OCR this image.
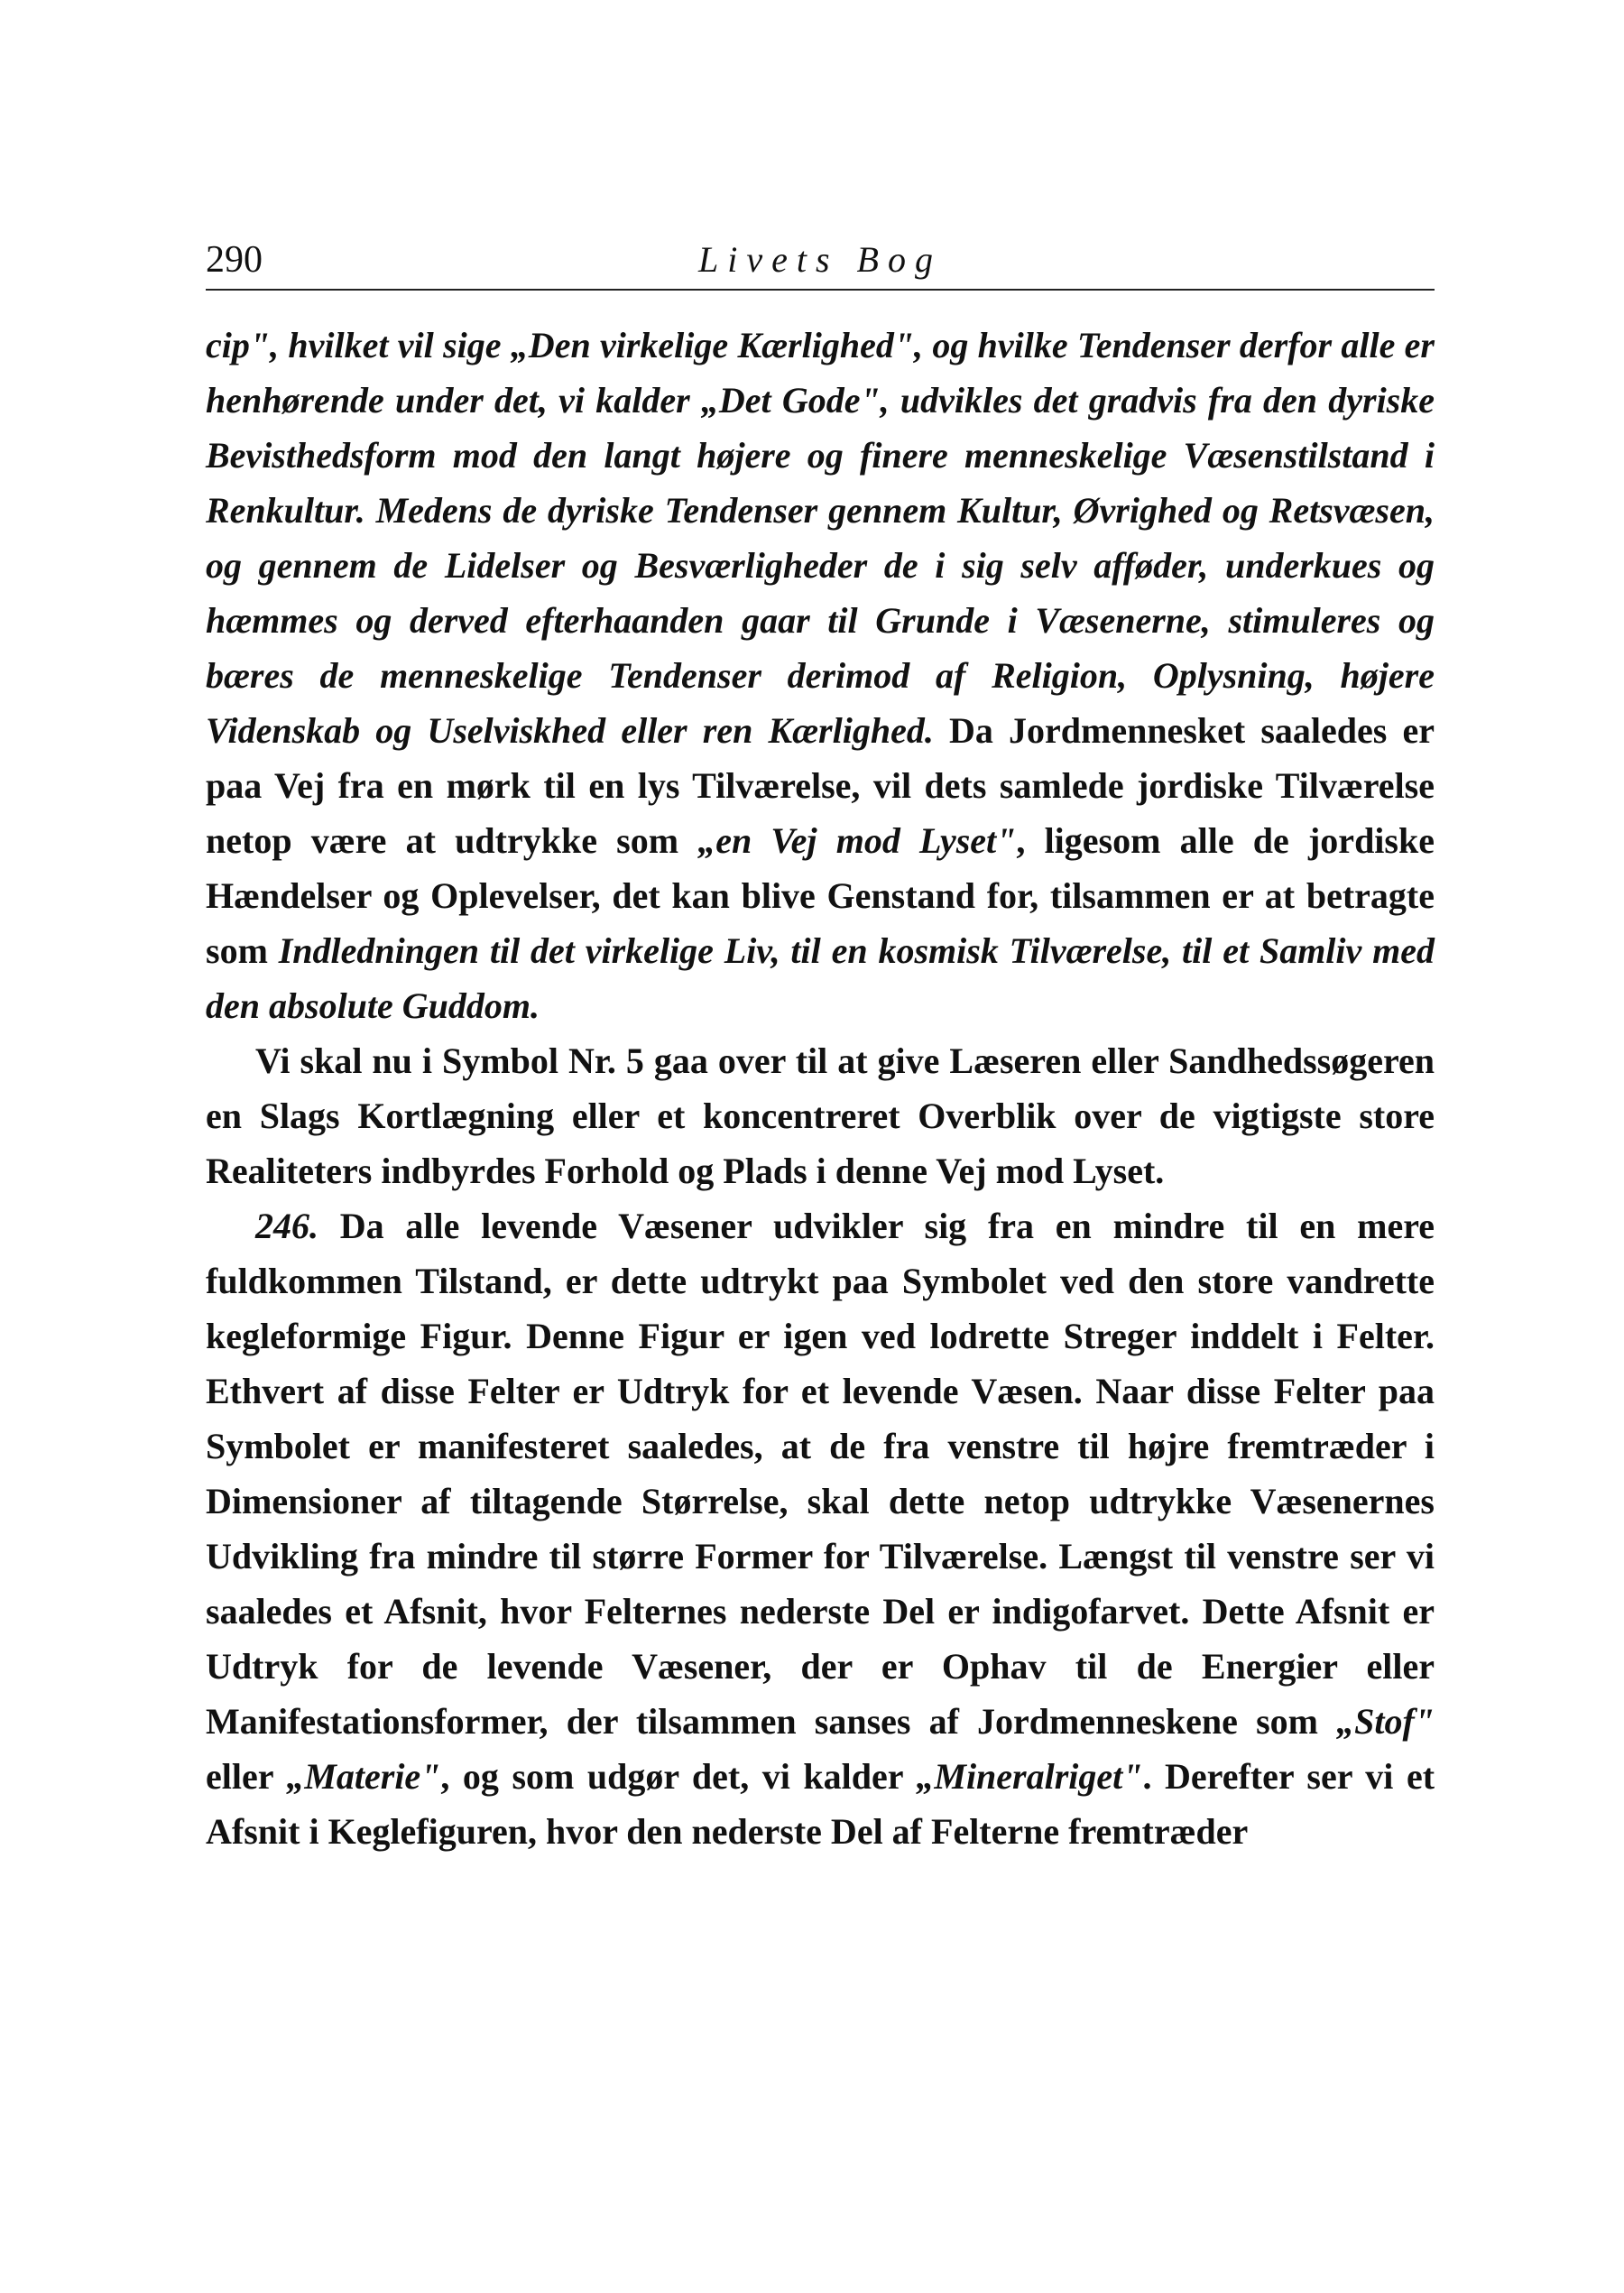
290	Livets Bog

cip", hvilket vil sige „Den virkelige Kærlighed", og hvilke Tendenser derfor alle er henhørende under det, vi kalder „Det Gode", udvikles det gradvis fra den dyriske Bevisthedsform mod den langt højere og finere menneskelige Væsenstilstand i Renkultur. Medens de dyriske Tendenser gennem Kultur, Øvrighed og Retsvæsen, og gennem de Lidelser og Besværligheder de i sig selv afføder, underkues og hæmmes og derved efterhaanden gaar til Grunde i Væsenerne, stimuleres og bæres de menneskelige Tendenser derimod af Religion, Oplysning, højere Videnskab og Uselviskhed eller ren Kærlighed. Da Jordmennesket saaledes er paa Vej fra en mørk til en lys Tilværelse, vil dets samlede jordiske Tilværelse netop være at udtrykke som „en Vej mod Lyset", ligesom alle de jordiske Hændelser og Oplevelser, det kan blive Genstand for, tilsammen er at betragte som Indledningen til det virkelige Liv, til en kosmisk Tilværelse, til et Samliv med den absolute Guddom.

Vi skal nu i Symbol Nr. 5 gaa over til at give Læseren eller Sandhedssøgeren en Slags Kortlægning eller et koncentreret Overblik over de vigtigste store Realiteters indbyrdes Forhold og Plads i denne Vej mod Lyset.

246. Da alle levende Væsener udvikler sig fra en mindre til en mere fuldkommen Tilstand, er dette udtrykt paa Symbolet ved den store vandrette kegleformige Figur. Denne Figur er igen ved lodrette Streger inddelt i Felter. Ethvert af disse Felter er Udtryk for et levende Væsen. Naar disse Felter paa Symbolet er manifesteret saaledes, at de fra venstre til højre fremtræder i Dimensioner af tiltagende Størrelse, skal dette netop udtrykke Væsenernes Udvikling fra mindre til større Former for Tilværelse. Længst til venstre ser vi saaledes et Afsnit, hvor Felternes nederste Del er indigofarvet. Dette Afsnit er Udtryk for de levende Væsener, der er Ophav til de Energier eller Manifestationsformer, der tilsammen sanses af Jordmenneskene som „Stof" eller „Materie", og som udgør det, vi kalder „Mineralriget". Derefter ser vi et Afsnit i Keglefiguren, hvor den nederste Del af Felterne fremtræder
